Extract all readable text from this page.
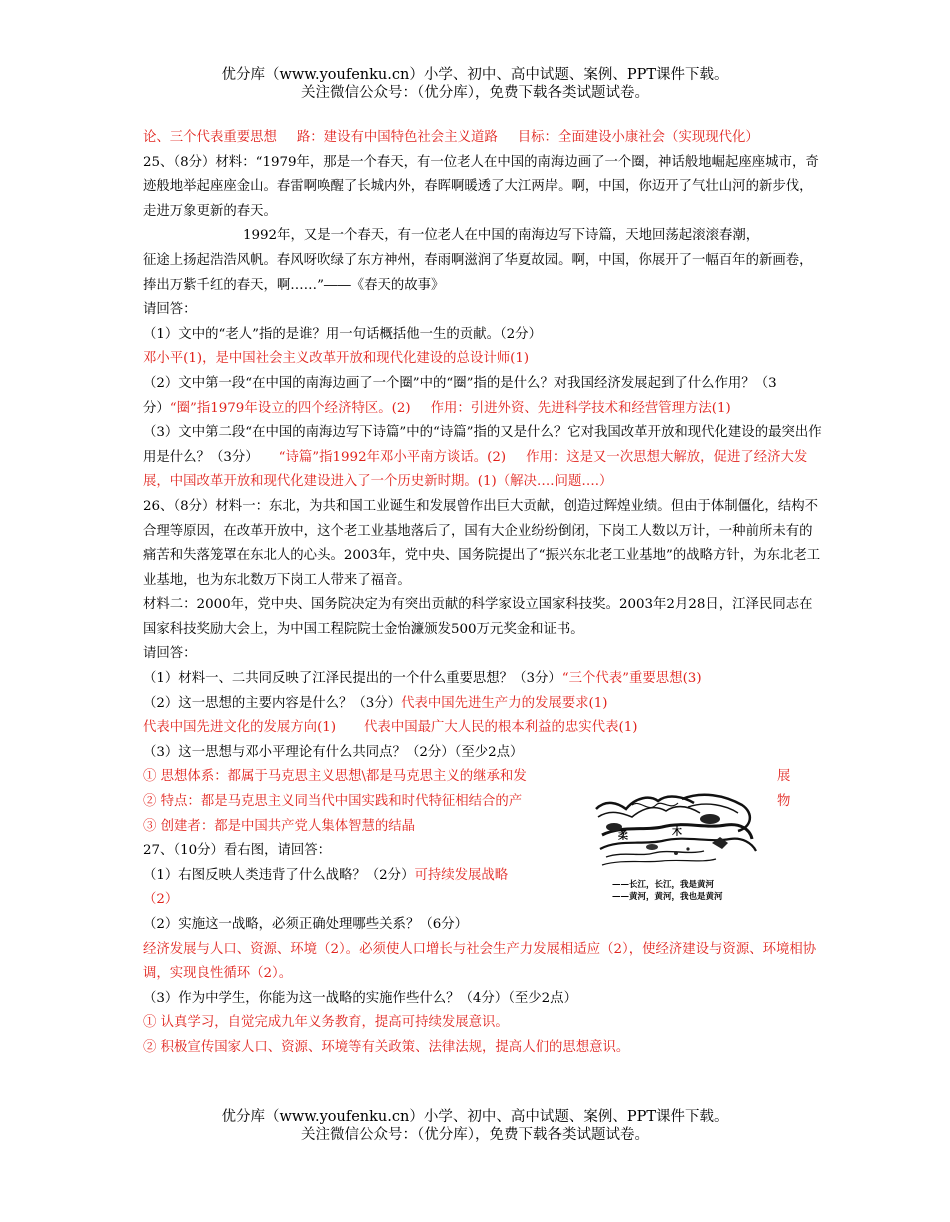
优分库（www.youfenku.cn）小学、初中、高中试题、案例、PPT课件下载。
关注微信公众号：（优分库），免费下载各类试题试卷。

论、三个代表重要思想 路：建设有中国特色社会主义道路 目标：全面建设小康社会（实现现代化）

25、（8分）材料：“1979年，那是一个春天，有一位老人在中国的南海边画了一个圈，神话般地崛起座座城市，奇迹般地举起座座金山。春雷啊唤醒了长城内外，春晖啊暖透了大江两岸。啊，中国，你迈开了气壮山河的新步伐，走进万象更新的春天。

1992年，又是一个春天，有一位老人在中国的南海边写下诗篇，天地回荡起滚滚春潮，

征途上扬起浩浩风帆。春风呀吹绿了东方神州，春雨啊滋润了华夏故园。啊，中国，你展开了一幅百年的新画卷，捧出万紫千红的春天，啊……”――《春天的故事》

请回答：

（1）文中的“老人”指的是谁？用一句话概括他一生的贡献。（2分）

邓小平(1)，是中国社会主义改革开放和现代化建设的总设计师(1)

（2）文中第一段“在中国的南海边画了一个圈”中的“圈”指的是什么？对我国经济发展起到了什么作用？（3分）“圈”指1979年设立的四个经济特区。(2) 作用：引进外资、先进科学技术和经营管理方法(1)

（3）文中第二段“在中国的南海边写下诗篇”中的“诗篇”指的又是什么？它对我国改革开放和现代化建设的最突出作用是什么？（3分） “诗篇”指1992年邓小平南方谈话。(2) 作用：这是又一次思想大解放，促进了经济大发展，中国改革开放和现代化建设进入了一个历史新时期。(1)（解决….问题….）

26、（8分）材料一：东北，为共和国工业诞生和发展曾作出巨大贡献，创造过辉煌业绩。但由于体制僵化，结构不合理等原因，在改革开放中，这个老工业基地落后了，国有大企业纷纷倒闭，下岗工人数以万计，一种前所未有的痛苦和失落笼罩在东北人的心头。2003年，党中央、国务院提出了“振兴东北老工业基地”的战略方针，为东北老工业基地，也为东北数万下岗工人带来了福音。

材料二：2000年，党中央、国务院决定为有突出贡献的科学家设立国家科技奖。2003年2月28日，江泽民同志在国家科技奖励大会上，为中国工程院院士金怡濂颁发500万元奖金和证书。

请回答：

（1）材料一、二共同反映了江泽民提出的一个什么重要思想？（3分）“三个代表”重要思想(3)

（2）这一思想的主要内容是什么？（3分）代表中国先进生产力的发展要求(1)

代表中国先进文化的发展方向(1) 代表中国最广大人民的根本利益的忠实代表(1)

（3）这一思想与邓小平理论有什么共同点？（2分）（至少2点）

① 思想体系：都属于马克思主义思想\都是马克思主义的继承和发	展

② 特点：都是马克思主义同当代中国实践和时代特征相结合的产	物

③ 创建者：都是中国共产党人集体智慧的结晶

27、（10分）看右图，请回答：

（1）右图反映人类违背了什么战略？（2分）可持续发展战略

（2）

（2）实施这一战略，必须正确处理哪些关系？（6分）

经济发展与人口、资源、环境（2）。必须使人口增长与社会生产力发展相适应（2），使经济建设与资源、环境相协调，实现良性循环（2）。

（3）作为中学生，你能为这一战略的实施作些什么？（4分）（至少2点）

① 认真学习，自觉完成九年义务教育，提高可持续发展意识。

② 积极宣传国家人口、资源、环境等有关政策、法律法规，提高人们的思想意识。

柔	木
——长江，长江，我是黄河
——黄河，黄河，我也是黄河
优分库（www.youfenku.cn）小学、初中、高中试题、案例、PPT课件下载。
关注微信公众号：（优分库），免费下载各类试题试卷。
